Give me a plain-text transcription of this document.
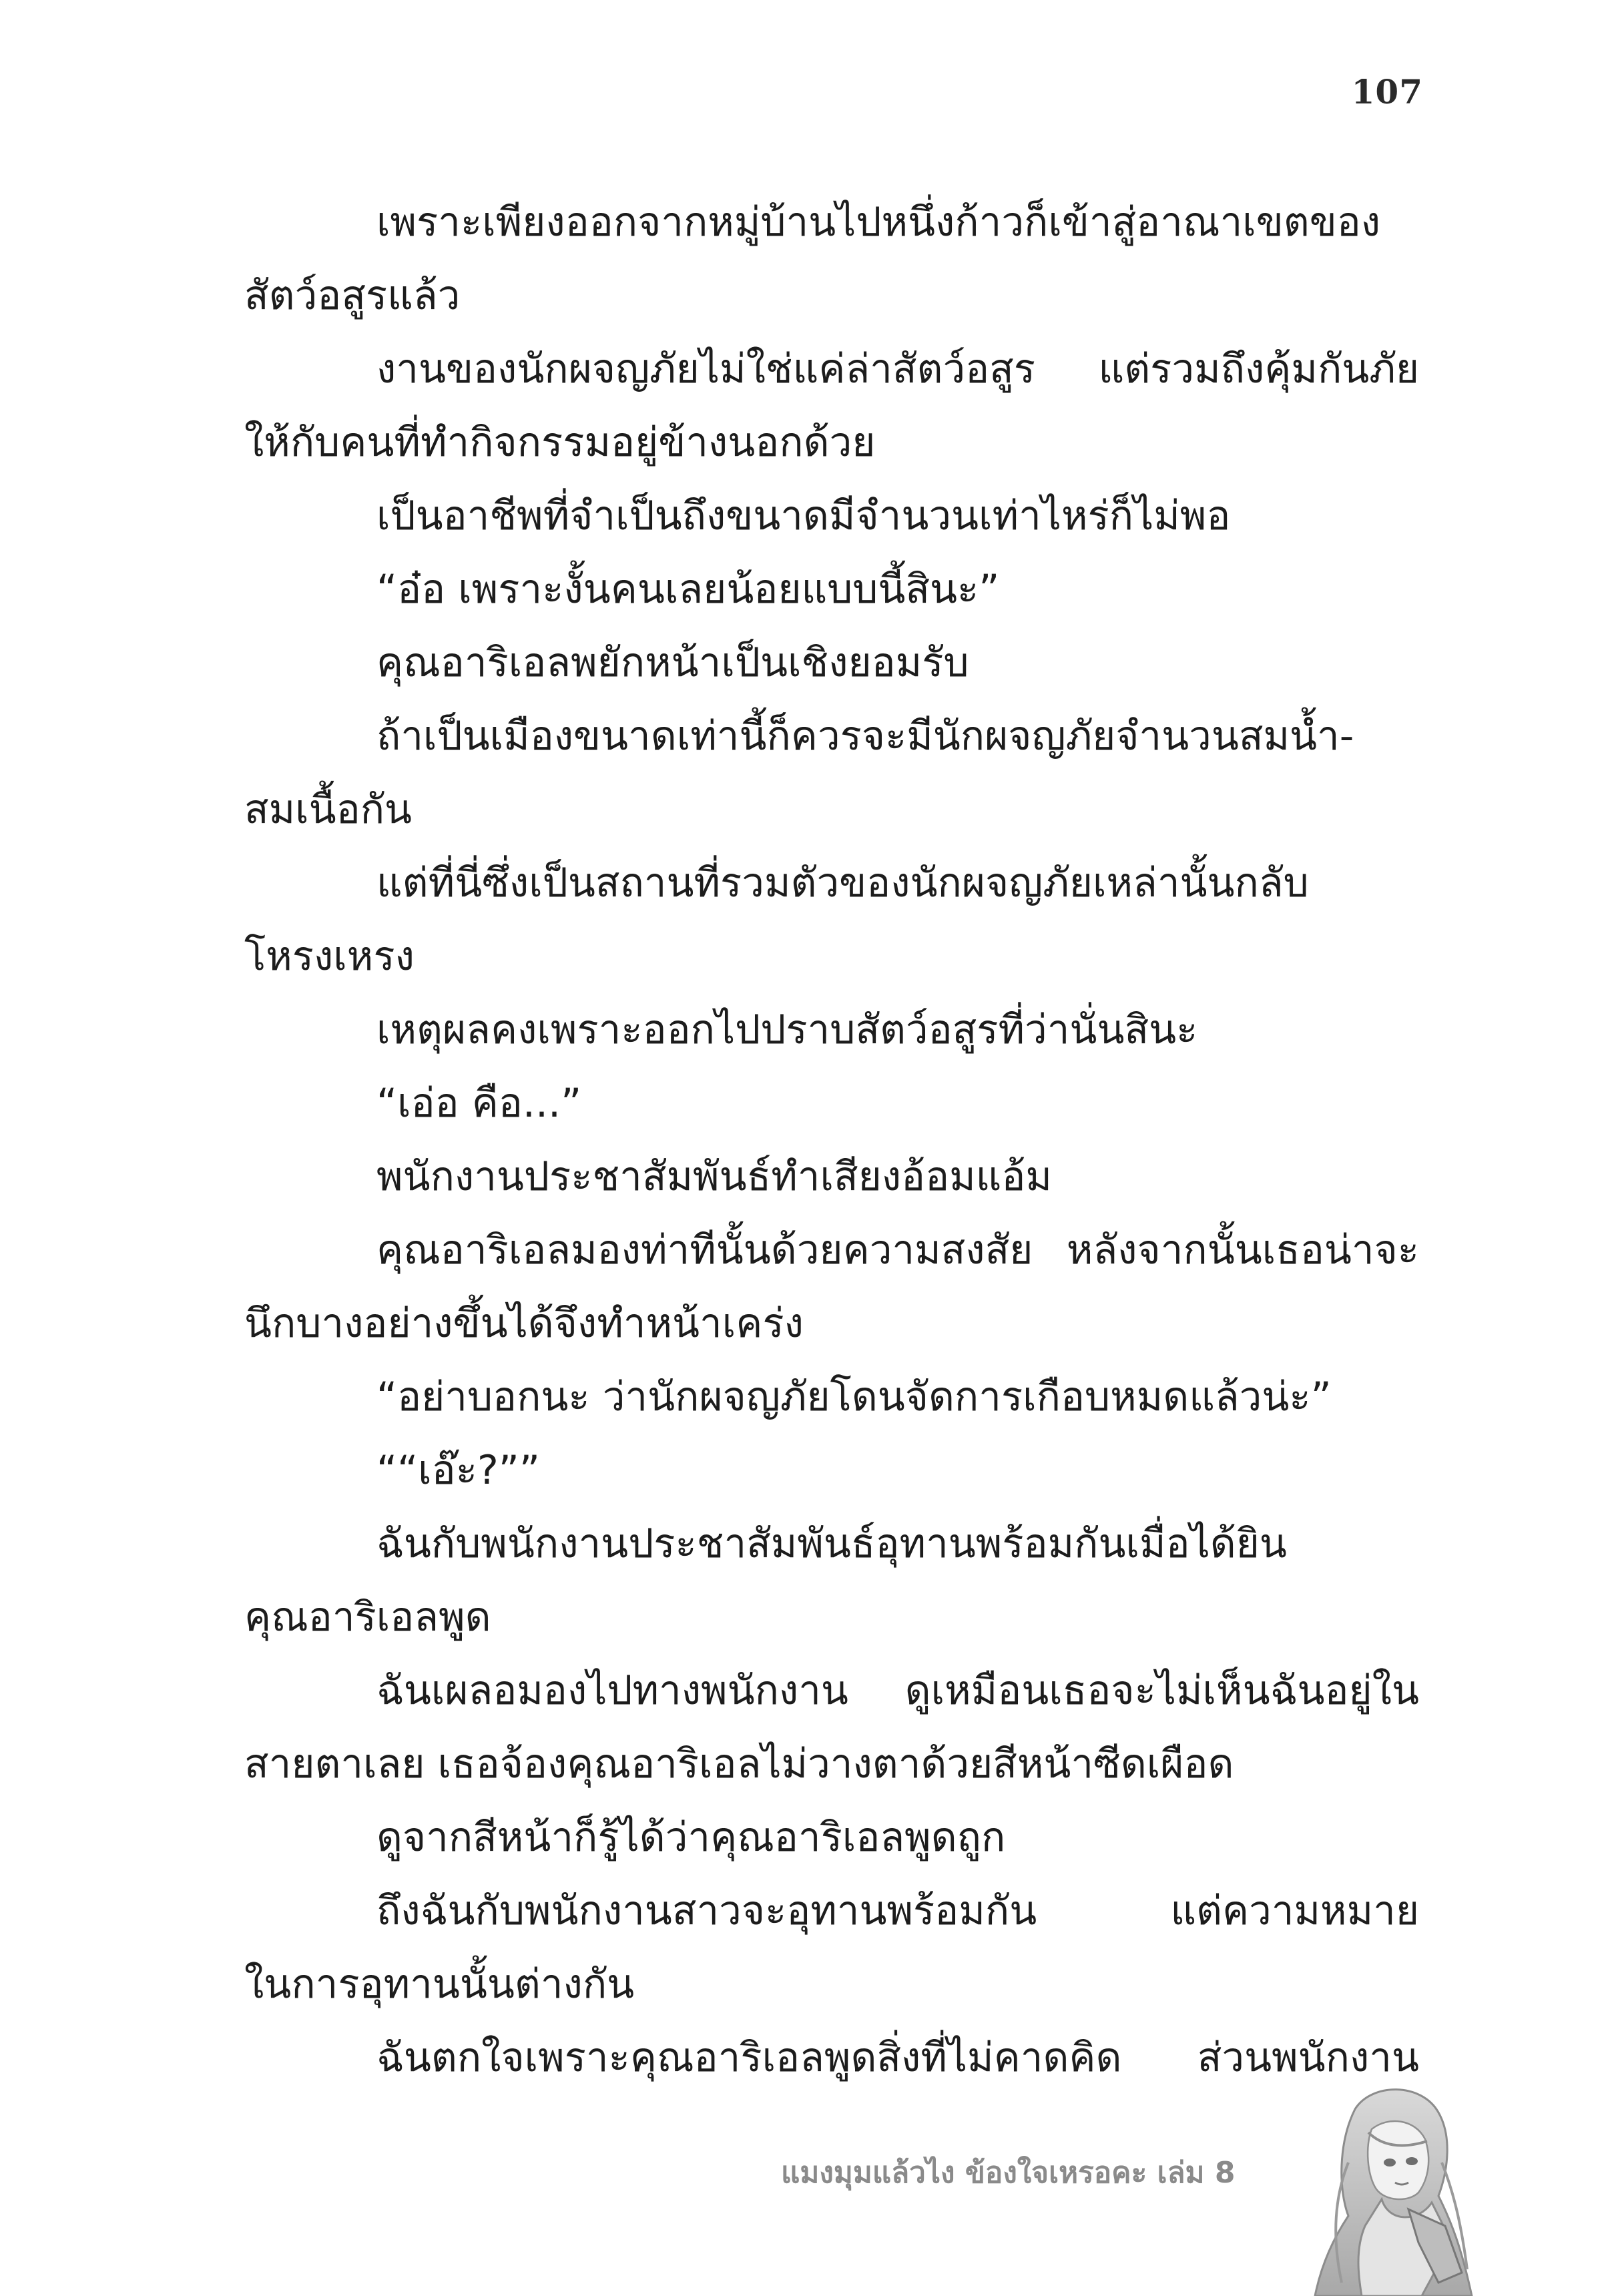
107
เพราะเพียงออกจากหมู่บ้านไปหนึ่งก้าวก็เข้าสู่อาณาเขตของ
สัตว์อสูรแล้ว
งานของนักผจญภัยไม่ใช่แค่ล่าสัตว์อสูร แต่รวมถึงคุ้มกันภัย
ให้กับคนที่ทำกิจกรรมอยู่ข้างนอกด้วย
เป็นอาชีพที่จำเป็นถึงขนาดมีจำนวนเท่าไหร่ก็ไม่พอ
“อ๋อ เพราะงั้นคนเลยน้อยแบบนี้สินะ”
คุณอาริเอลพยักหน้าเป็นเชิงยอมรับ
ถ้าเป็นเมืองขนาดเท่านี้ก็ควรจะมีนักผจญภัยจำนวนสมน้ำ-
สมเนื้อกัน
แต่ที่นี่ซึ่งเป็นสถานที่รวมตัวของนักผจญภัยเหล่านั้นกลับ
โหรงเหรง
เหตุผลคงเพราะออกไปปราบสัตว์อสูรที่ว่านั่นสินะ
“เอ่อ คือ...”
พนักงานประชาสัมพันธ์ทำเสียงอ้อมแอ้ม
คุณอาริเอลมองท่าทีนั้นด้วยความสงสัย หลังจากนั้นเธอน่าจะ
นึกบางอย่างขึ้นได้จึงทำหน้าเคร่ง
“อย่าบอกนะ ว่านักผจญภัยโดนจัดการเกือบหมดแล้วน่ะ”
““เอ๊ะ?””
ฉันกับพนักงานประชาสัมพันธ์อุทานพร้อมกันเมื่อได้ยิน
คุณอาริเอลพูด
ฉันเผลอมองไปทางพนักงาน ดูเหมือนเธอจะไม่เห็นฉันอยู่ใน
สายตาเลย เธอจ้องคุณอาริเอลไม่วางตาด้วยสีหน้าซีดเผือด
ดูจากสีหน้าก็รู้ได้ว่าคุณอาริเอลพูดถูก
ถึงฉันกับพนักงานสาวจะอุทานพร้อมกัน แต่ความหมาย
ในการอุทานนั้นต่างกัน
ฉันตกใจเพราะคุณอาริเอลพูดสิ่งที่ไม่คาดคิด ส่วนพนักงาน
แมงมุมแล้วไง ข้องใจเหรอคะ เล่ม 8
